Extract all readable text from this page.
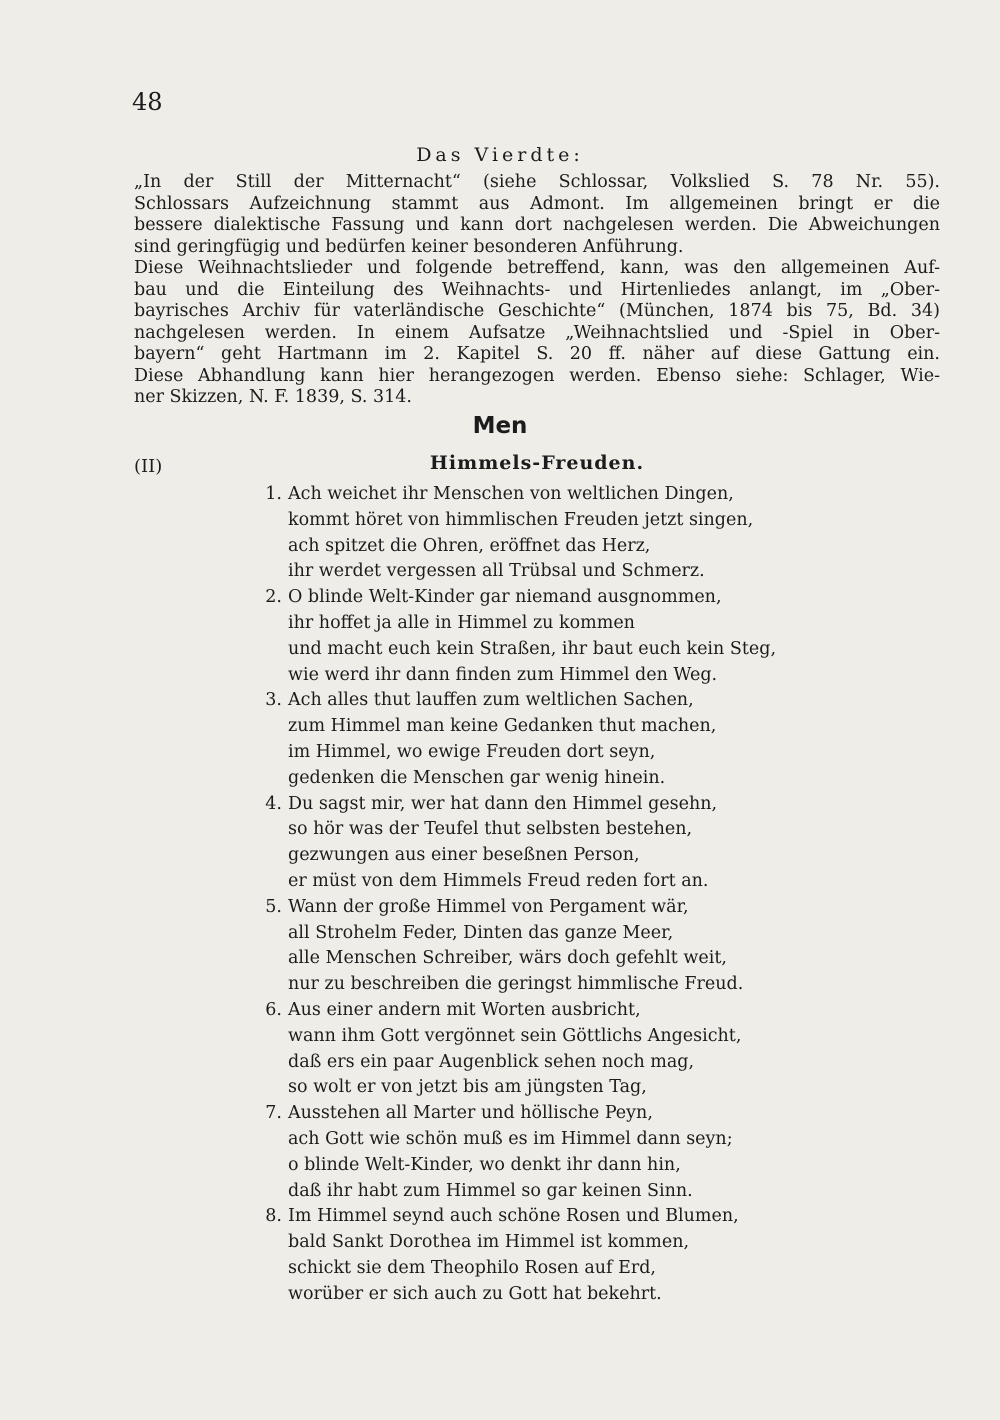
48
Das Vierdte:
„In der Still der Mitternacht“ (siehe Schlossar, Volkslied S. 78 Nr. 55).
Schlossars Aufzeichnung stammt aus Admont. Im allgemeinen bringt er die
bessere dialektische Fassung und kann dort nachgelesen werden. Die Abweichungen
sind geringfügig und bedürfen keiner besonderen Anführung.
Diese Weihnachtslieder und folgende betreffend, kann, was den allgemeinen Auf-
bau und die Einteilung des Weihnachts- und Hirtenliedes anlangt, im „Ober-
bayrisches Archiv für vaterländische Geschichte“ (München, 1874 bis 75, Bd. 34)
nachgelesen werden. In einem Aufsatze „Weihnachtslied und -Spiel in Ober-
bayern“ geht Hartmann im 2. Kapitel S. 20 ff. näher auf diese Gattung ein.
Diese Abhandlung kann hier herangezogen werden. Ebenso siehe: Schlager, Wie-
ner Skizzen, N. F. 1839, S. 314.
Men
(II)	Himmels-Freuden.
1. Ach weichet ihr Menschen von weltlichen Dingen,
kommt höret von himmlischen Freuden jetzt singen,
ach spitzet die Ohren, eröffnet das Herz,
ihr werdet vergessen all Trübsal und Schmerz.
2. O blinde Welt-Kinder gar niemand ausgnommen,
ihr hoffet ja alle in Himmel zu kommen
und macht euch kein Straßen, ihr baut euch kein Steg,
wie werd ihr dann finden zum Himmel den Weg.
3. Ach alles thut lauffen zum weltlichen Sachen,
zum Himmel man keine Gedanken thut machen,
im Himmel, wo ewige Freuden dort seyn,
gedenken die Menschen gar wenig hinein.
4. Du sagst mir, wer hat dann den Himmel gesehn,
so hör was der Teufel thut selbsten bestehen,
gezwungen aus einer beseßnen Person,
er müst von dem Himmels Freud reden fort an.
5. Wann der große Himmel von Pergament wär,
all Strohelm Feder, Dinten das ganze Meer,
alle Menschen Schreiber, wärs doch gefehlt weit,
nur zu beschreiben die geringst himmlische Freud.
6. Aus einer andern mit Worten ausbricht,
wann ihm Gott vergönnet sein Göttlichs Angesicht,
daß ers ein paar Augenblick sehen noch mag,
so wolt er von jetzt bis am jüngsten Tag,
7. Ausstehen all Marter und höllische Peyn,
ach Gott wie schön muß es im Himmel dann seyn;
o blinde Welt-Kinder, wo denkt ihr dann hin,
daß ihr habt zum Himmel so gar keinen Sinn.
8. Im Himmel seynd auch schöne Rosen und Blumen,
bald Sankt Dorothea im Himmel ist kommen,
schickt sie dem Theophilo Rosen auf Erd,
worüber er sich auch zu Gott hat bekehrt.
